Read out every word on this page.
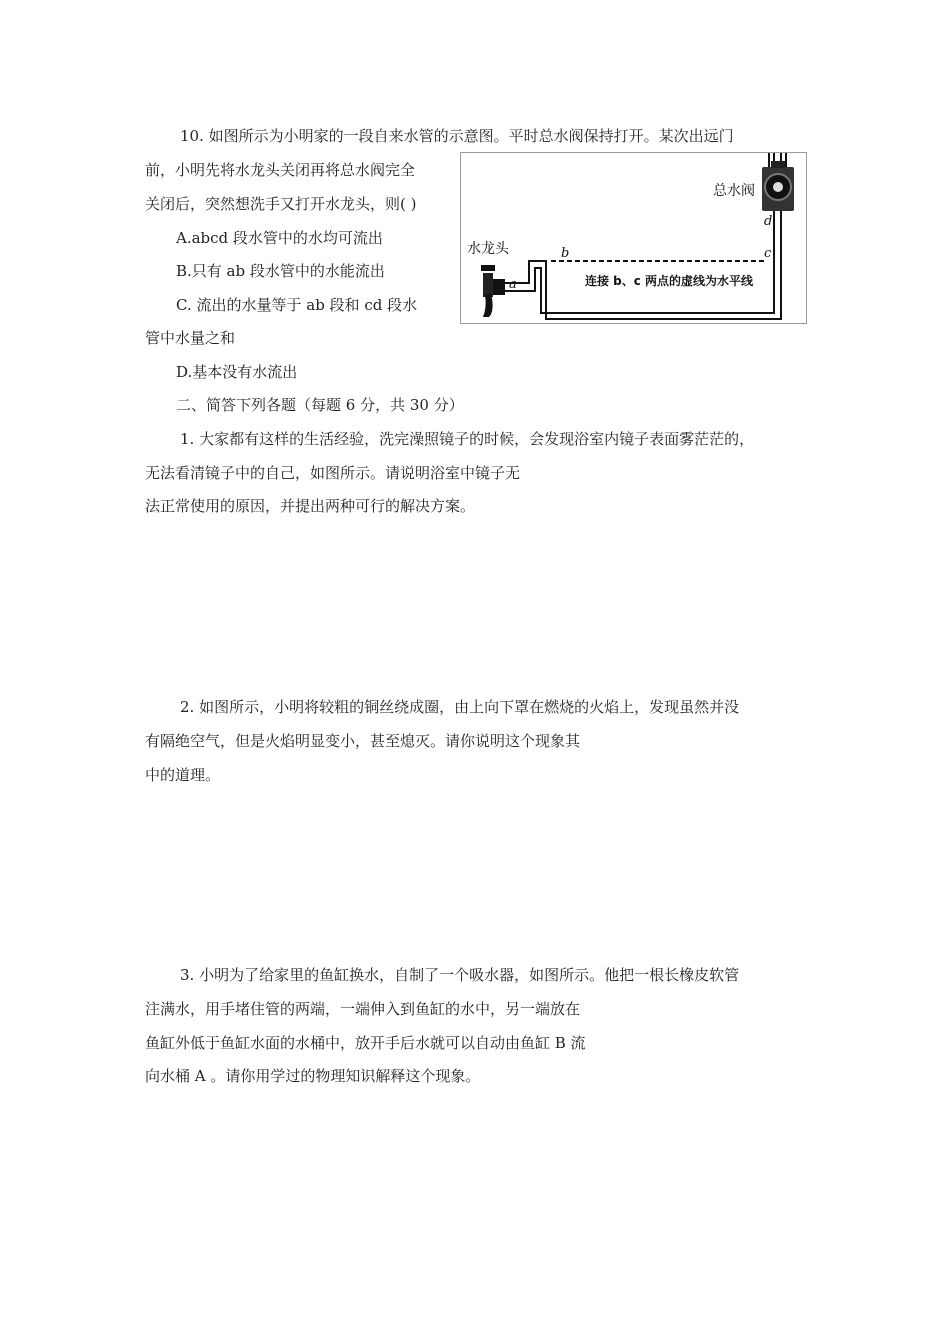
10. 如图所示为小明家的一段自来水管的示意图。平时总水阀保持打开。某次出远门
前，小明先将水龙头关闭再将总水阀完全
关闭后，突然想洗手又打开水龙头，则( )
A.abcd 段水管中的水均可流出
B.只有 ab 段水管中的水能流出
C. 流出的水量等于 ab 段和 cd 段水
管中水量之和
D.基本没有水流出
总水阀
水龙头
a
b	c
d
连接 b、c 两点的虚线为水平线
二、简答下列各题（每题 6 分，共 30 分）
1. 大家都有这样的生活经验，洗完澡照镜子的时候，会发现浴室内镜子表面雾茫茫的，
无法看清镜子中的自己，如图所示。请说明浴室中镜子无
法正常使用的原因，并提出两种可行的解决方案。
2. 如图所示，小明将较粗的铜丝绕成圈，由上向下罩在燃烧的火焰上，发现虽然并没
有隔绝空气，但是火焰明显变小，甚至熄灭。请你说明这个现象其
中的道理。
3. 小明为了给家里的鱼缸换水，自制了一个吸水器，如图所示。他把一根长橡皮软管
注满水，用手堵住管的两端，一端伸入到鱼缸的水中，另一端放在
鱼缸外低于鱼缸水面的水桶中，放开手后水就可以自动由鱼缸 B 流
向水桶 A 。请你用学过的物理知识解释这个现象。
